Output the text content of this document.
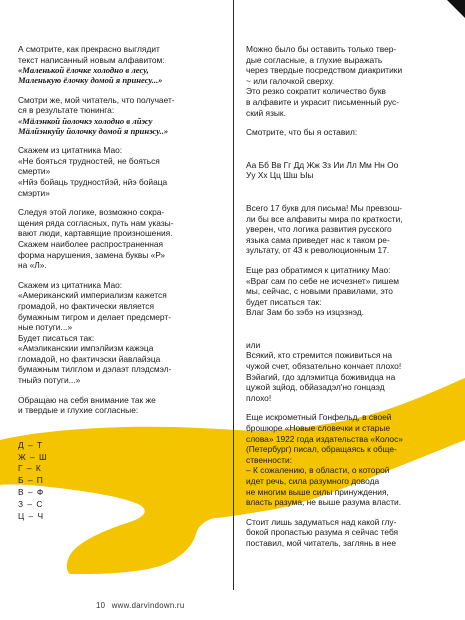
А смотрите, как прекрасно выглядит
текст написанный новым алфавитом:

«Маленькой ёлочке холодно в лесу,
Маленькую ёлочку домой я принесу...»

Смотри же, мой читатель, что получает-
ся в результате тюнинга:

«Мäлэнкой йолочкэ холодно в лйэсу
Мäлйэнкуйу йолочку домой я принэсу..»

Скажем из цитатника Мао:
«Не бояться трудностей, не бояться
смерти»
«Нйэ бойаць трудностйэй, нйэ бойаца
смэрти»

Следуя этой логике, возможно сокра-
щения ряда согласных, путь нам указы-
вают люди, картавящие произношения.
Скажем наиболее распространенная
форма нарушения, замена буквы «Р»
на «Л».

Скажем из цитатника Мао:
«Американский империализм кажется
громадой, но фактически является
бумажным тигром и делает предсмерт-
ные потуги...»
Будет писаться так:
«Амэликанскии импэлйизм кажэца
гломадой, но фактичэски йавлайэца
бумажным тилглом и дэлаэт плэдсмэл-
тныйэ потуги...»

Обращаю на себя внимание так же
и твердые и глухие согласные:

Д – Т
Ж – Ш
Г – К
Б – П
В – Ф
З – С
Ц – Ч

Можно было бы оставить только твер-
дые согласные, а глухие выражать
через твердые посредством диакритики
~ или галочкой сверху.
Это резко сократит количество букв
в алфавите и украсит письменный рус-
ский язык.

Смотрите, что бы я оставил:

Аа Бб Вв Гг Дд Жж Зз Ии Лл Мм Нн Оо
Уу Хх Цц Шш Ыы

Всего 17 букв для письма! Мы превзош-
ли бы все алфавиты мира по краткости,
уверен, что логика развития русского
языка сама приведет нас к таком ре-
зультату, от 43 к революционным 17.

Еще раз обратимся к цитатнику Мао:
«Враг сам по себе не исчезнет» пишем
мы, сейчас, с новыми правилами, это
будет писаться так:
Влаг Зам бо зэбэ нэ изцэзнэд.

или
Всякий, кто стремится поживиться на
чужой счет, обязательно кончает плохо!
Вэйагий, гдо здлэмитца боживидца на
цужой зцйод, обйазадэл'но гонцаэд
плохо!

Еще искрометный Гонфельд, в своей
брошюре «Новые словечки и старые
слова» 1922 года издательства «Колос»
(Петербург) писал, обращаясь к обще-
ственности:
– К сожалению, в области, о которой
идет речь, сила разумного довода
не многим выше силы принуждения,
власть разума, не выше разума власти.

Стоит лишь задуматься над какой глу-
бокой пропастью разума я сейчас тебя
поставил, мой читатель, заглянь в нее

10 www.darvindown.ru
